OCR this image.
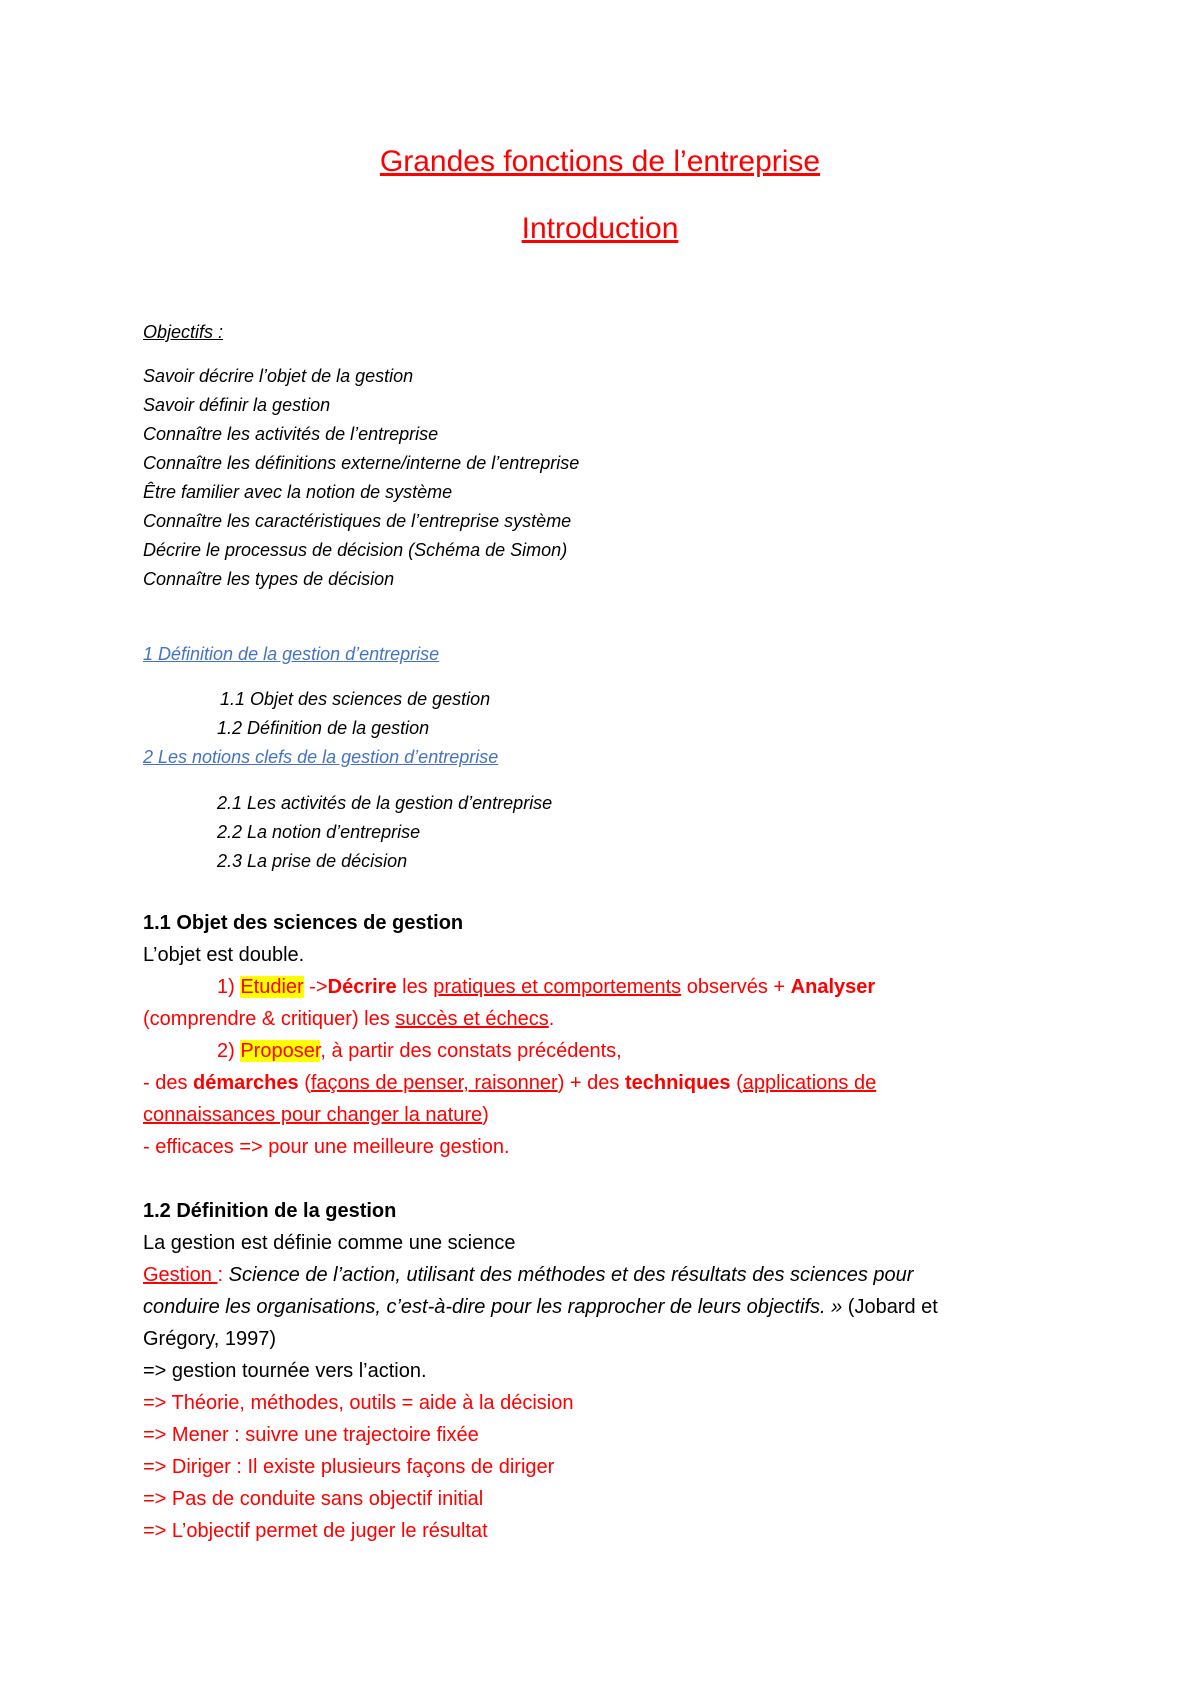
Grandes fonctions de l’entreprise
Introduction
Objectifs :
Savoir décrire l’objet de la gestion
Savoir définir la gestion
Connaître les activités de l’entreprise
Connaître les définitions externe/interne de l’entreprise
Être familier avec la notion de système
Connaître les caractéristiques de l’entreprise système
Décrire le processus de décision (Schéma de Simon)
Connaître les types de décision
1 Définition de la gestion d’entreprise
1.1 Objet des sciences de gestion
1.2 Définition de la gestion
2 Les notions clefs de la gestion d’entreprise
2.1 Les activités de la gestion d’entreprise
2.2 La notion d’entreprise
2.3 La prise de décision
1.1 Objet des sciences de gestion
L’objet est double.
1) Etudier ->Décrire les pratiques et comportements observés + Analyser
(comprendre & critiquer) les succès et échecs.
2) Proposer, à partir des constats précédents,
- des démarches (façons de penser, raisonner) + des techniques (applications de
connaissances pour changer la nature)
- efficaces => pour une meilleure gestion.
1.2 Définition de la gestion
La gestion est définie comme une science
Gestion : Science de l’action, utilisant des méthodes et des résultats des sciences pour
conduire les organisations, c’est-à-dire pour les rapprocher de leurs objectifs. » (Jobard et
Grégory, 1997)
=> gestion tournée vers l’action.
=> Théorie, méthodes, outils = aide à la décision
=> Mener : suivre une trajectoire fixée
=> Diriger : Il existe plusieurs façons de diriger
=> Pas de conduite sans objectif initial
=> L’objectif permet de juger le résultat
